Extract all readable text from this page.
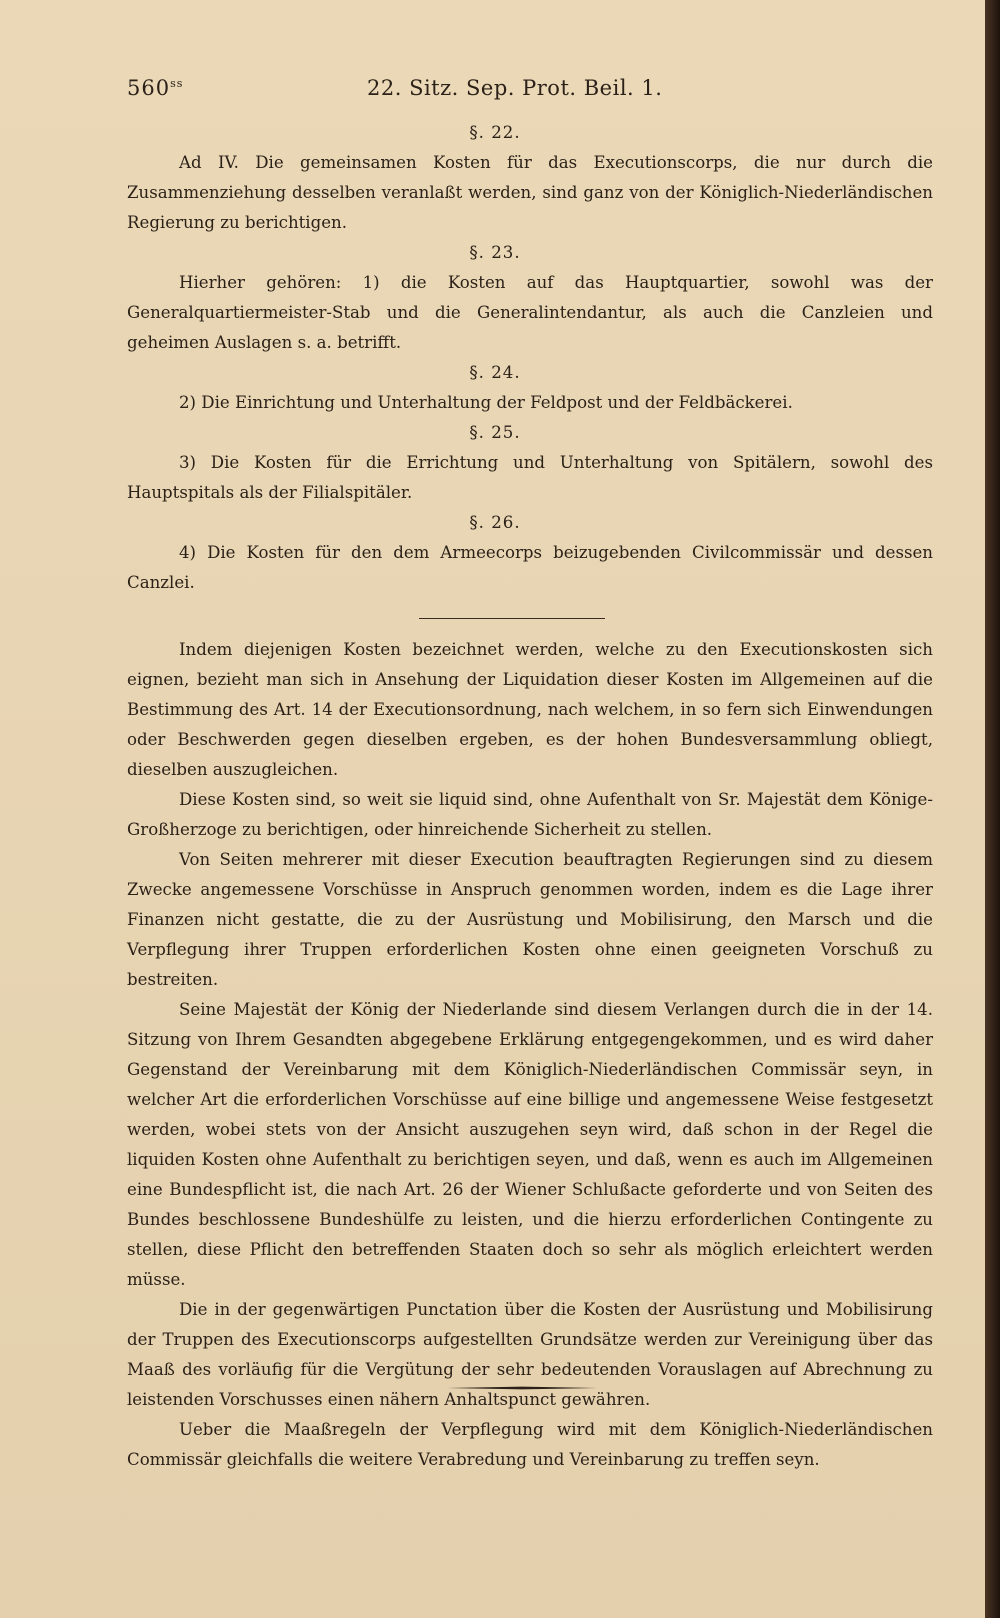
$560^{ss}$	22. Sitz. Sep. Prot. Beil. 1.

§. 22.

Ad IV. Die gemeinsamen Kosten für das Executionscorps, die nur durch die Zusammenziehung desselben veranlaßt werden, sind ganz von der Königlich-Niederländischen Regierung zu berichtigen.

§. 23.

Hierher gehören: 1) die Kosten auf das Hauptquartier, sowohl was der Generalquartiermeister-Stab und die Generalintendantur, als auch die Canzleien und geheimen Auslagen s. a. betrifft.

§. 24.

2) Die Einrichtung und Unterhaltung der Feldpost und der Feldbäckerei.

§. 25.

3) Die Kosten für die Errichtung und Unterhaltung von Spitälern, sowohl des Hauptspitals als der Filialspitäler.

§. 26.

4) Die Kosten für den dem Armeecorps beizugebenden Civilcommissär und dessen Canzlei.

Indem diejenigen Kosten bezeichnet werden, welche zu den Executionskosten sich eignen, bezieht man sich in Ansehung der Liquidation dieser Kosten im Allgemeinen auf die Bestimmung des Art. 14 der Executionsordnung, nach welchem, in so fern sich Einwendungen oder Beschwerden gegen dieselben ergeben, es der hohen Bundesversammlung obliegt, dieselben auszugleichen.

Diese Kosten sind, so weit sie liquid sind, ohne Aufenthalt von Sr. Majestät dem Könige-Großherzoge zu berichtigen, oder hinreichende Sicherheit zu stellen.

Von Seiten mehrerer mit dieser Execution beauftragten Regierungen sind zu diesem Zwecke angemessene Vorschüsse in Anspruch genommen worden, indem es die Lage ihrer Finanzen nicht gestatte, die zu der Ausrüstung und Mobilisirung, den Marsch und die Verpflegung ihrer Truppen erforderlichen Kosten ohne einen geeigneten Vorschuß zu bestreiten.

Seine Majestät der König der Niederlande sind diesem Verlangen durch die in der 14. Sitzung von Ihrem Gesandten abgegebene Erklärung entgegengekommen, und es wird daher Gegenstand der Vereinbarung mit dem Königlich-Niederländischen Commissär seyn, in welcher Art die erforderlichen Vorschüsse auf eine billige und angemessene Weise festgesetzt werden, wobei stets von der Ansicht auszugehen seyn wird, daß schon in der Regel die liquiden Kosten ohne Aufenthalt zu berichtigen seyen, und daß, wenn es auch im Allgemeinen eine Bundespflicht ist, die nach Art. 26 der Wiener Schlußacte geforderte und von Seiten des Bundes beschlossene Bundeshülfe zu leisten, und die hierzu erforderlichen Contingente zu stellen, diese Pflicht den betreffenden Staaten doch so sehr als möglich erleichtert werden müsse.

Die in der gegenwärtigen Punctation über die Kosten der Ausrüstung und Mobilisirung der Truppen des Executionscorps aufgestellten Grundsätze werden zur Vereinigung über das Maaß des vorläufig für die Vergütung der sehr bedeutenden Vorauslagen auf Abrechnung zu leistenden Vorschusses einen nähern Anhaltspunct gewähren.

Ueber die Maaßregeln der Verpflegung wird mit dem Königlich-Niederländischen Commissär gleichfalls die weitere Verabredung und Vereinbarung zu treffen seyn.
